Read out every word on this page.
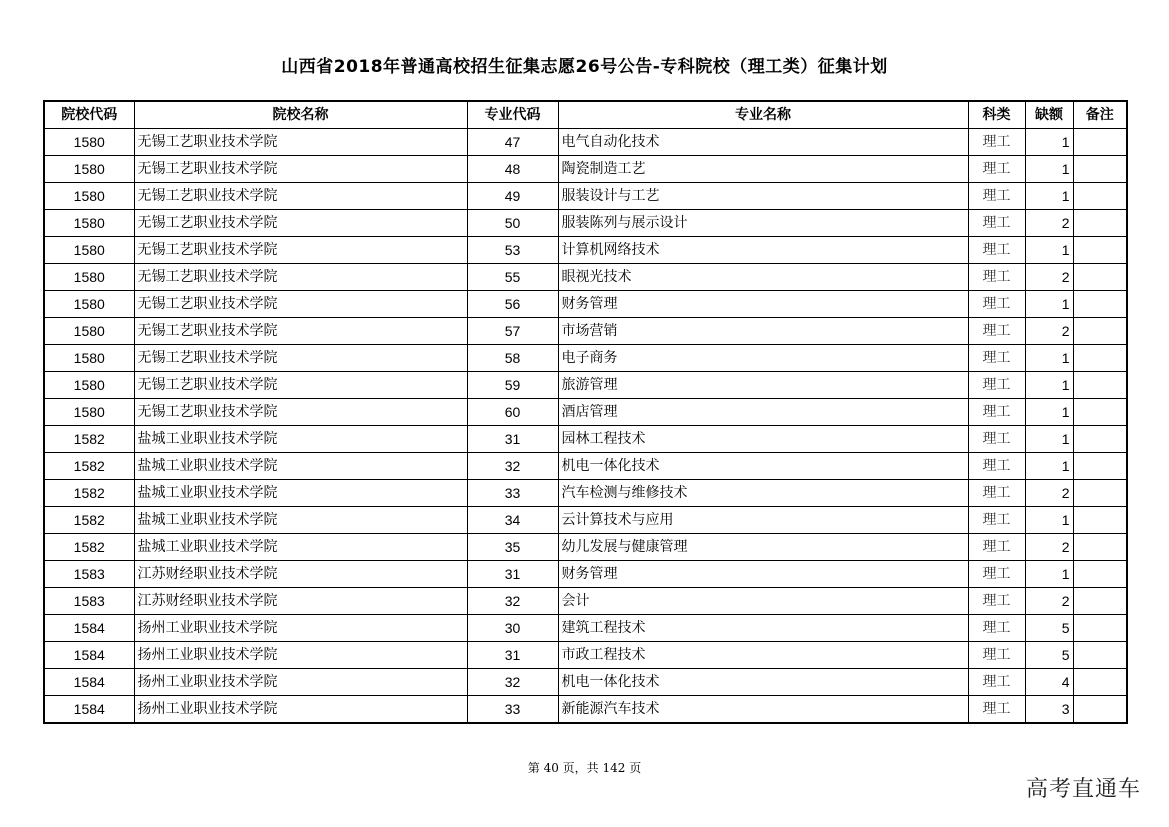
山西省2018年普通高校招生征集志愿26号公告-专科院校（理工类）征集计划
院校代码	院校名称	专业代码	专业名称	科类	缺额	备注
1580	无锡工艺职业技术学院	47	电气自动化技术	理工	1	
1580	无锡工艺职业技术学院	48	陶瓷制造工艺	理工	1	
1580	无锡工艺职业技术学院	49	服装设计与工艺	理工	1	
1580	无锡工艺职业技术学院	50	服装陈列与展示设计	理工	2	
1580	无锡工艺职业技术学院	53	计算机网络技术	理工	1	
1580	无锡工艺职业技术学院	55	眼视光技术	理工	2	
1580	无锡工艺职业技术学院	56	财务管理	理工	1	
1580	无锡工艺职业技术学院	57	市场营销	理工	2	
1580	无锡工艺职业技术学院	58	电子商务	理工	1	
1580	无锡工艺职业技术学院	59	旅游管理	理工	1	
1580	无锡工艺职业技术学院	60	酒店管理	理工	1	
1582	盐城工业职业技术学院	31	园林工程技术	理工	1	
1582	盐城工业职业技术学院	32	机电一体化技术	理工	1	
1582	盐城工业职业技术学院	33	汽车检测与维修技术	理工	2	
1582	盐城工业职业技术学院	34	云计算技术与应用	理工	1	
1582	盐城工业职业技术学院	35	幼儿发展与健康管理	理工	2	
1583	江苏财经职业技术学院	31	财务管理	理工	1	
1583	江苏财经职业技术学院	32	会计	理工	2	
1584	扬州工业职业技术学院	30	建筑工程技术	理工	5	
1584	扬州工业职业技术学院	31	市政工程技术	理工	5	
1584	扬州工业职业技术学院	32	机电一体化技术	理工	4	
1584	扬州工业职业技术学院	33	新能源汽车技术	理工	3	
第 40 页，共 142 页
高考直通车
